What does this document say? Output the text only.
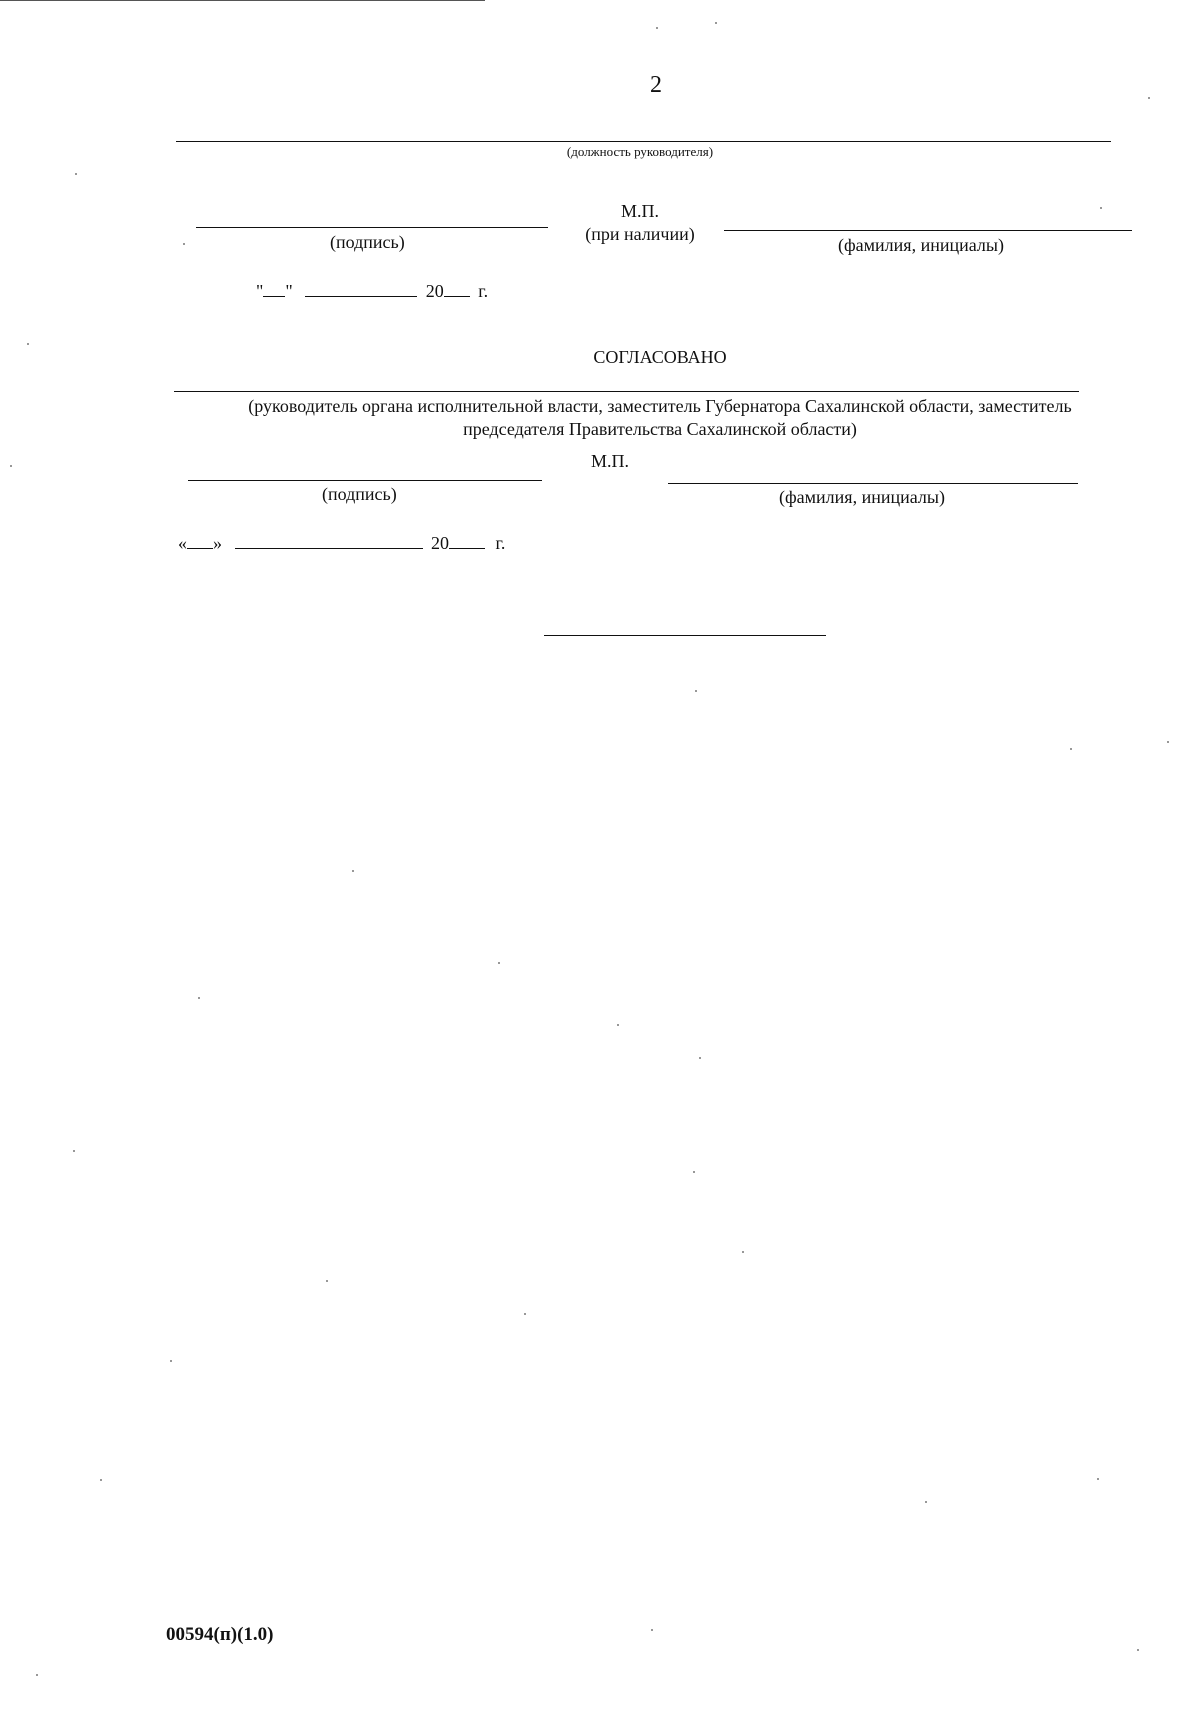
2
(должность руководителя)
(подпись)
М.П.
(при наличии)
(фамилия, инициалы)
" "	20 г.
СОГЛАСОВАНО
(руководитель органа исполнительной власти, заместитель Губернатора Сахалинской области, заместитель
председателя Правительства Сахалинской области)
М.П.
(подпись)	(фамилия, инициалы)
« »	20	г.
00594(п)(1.0)
